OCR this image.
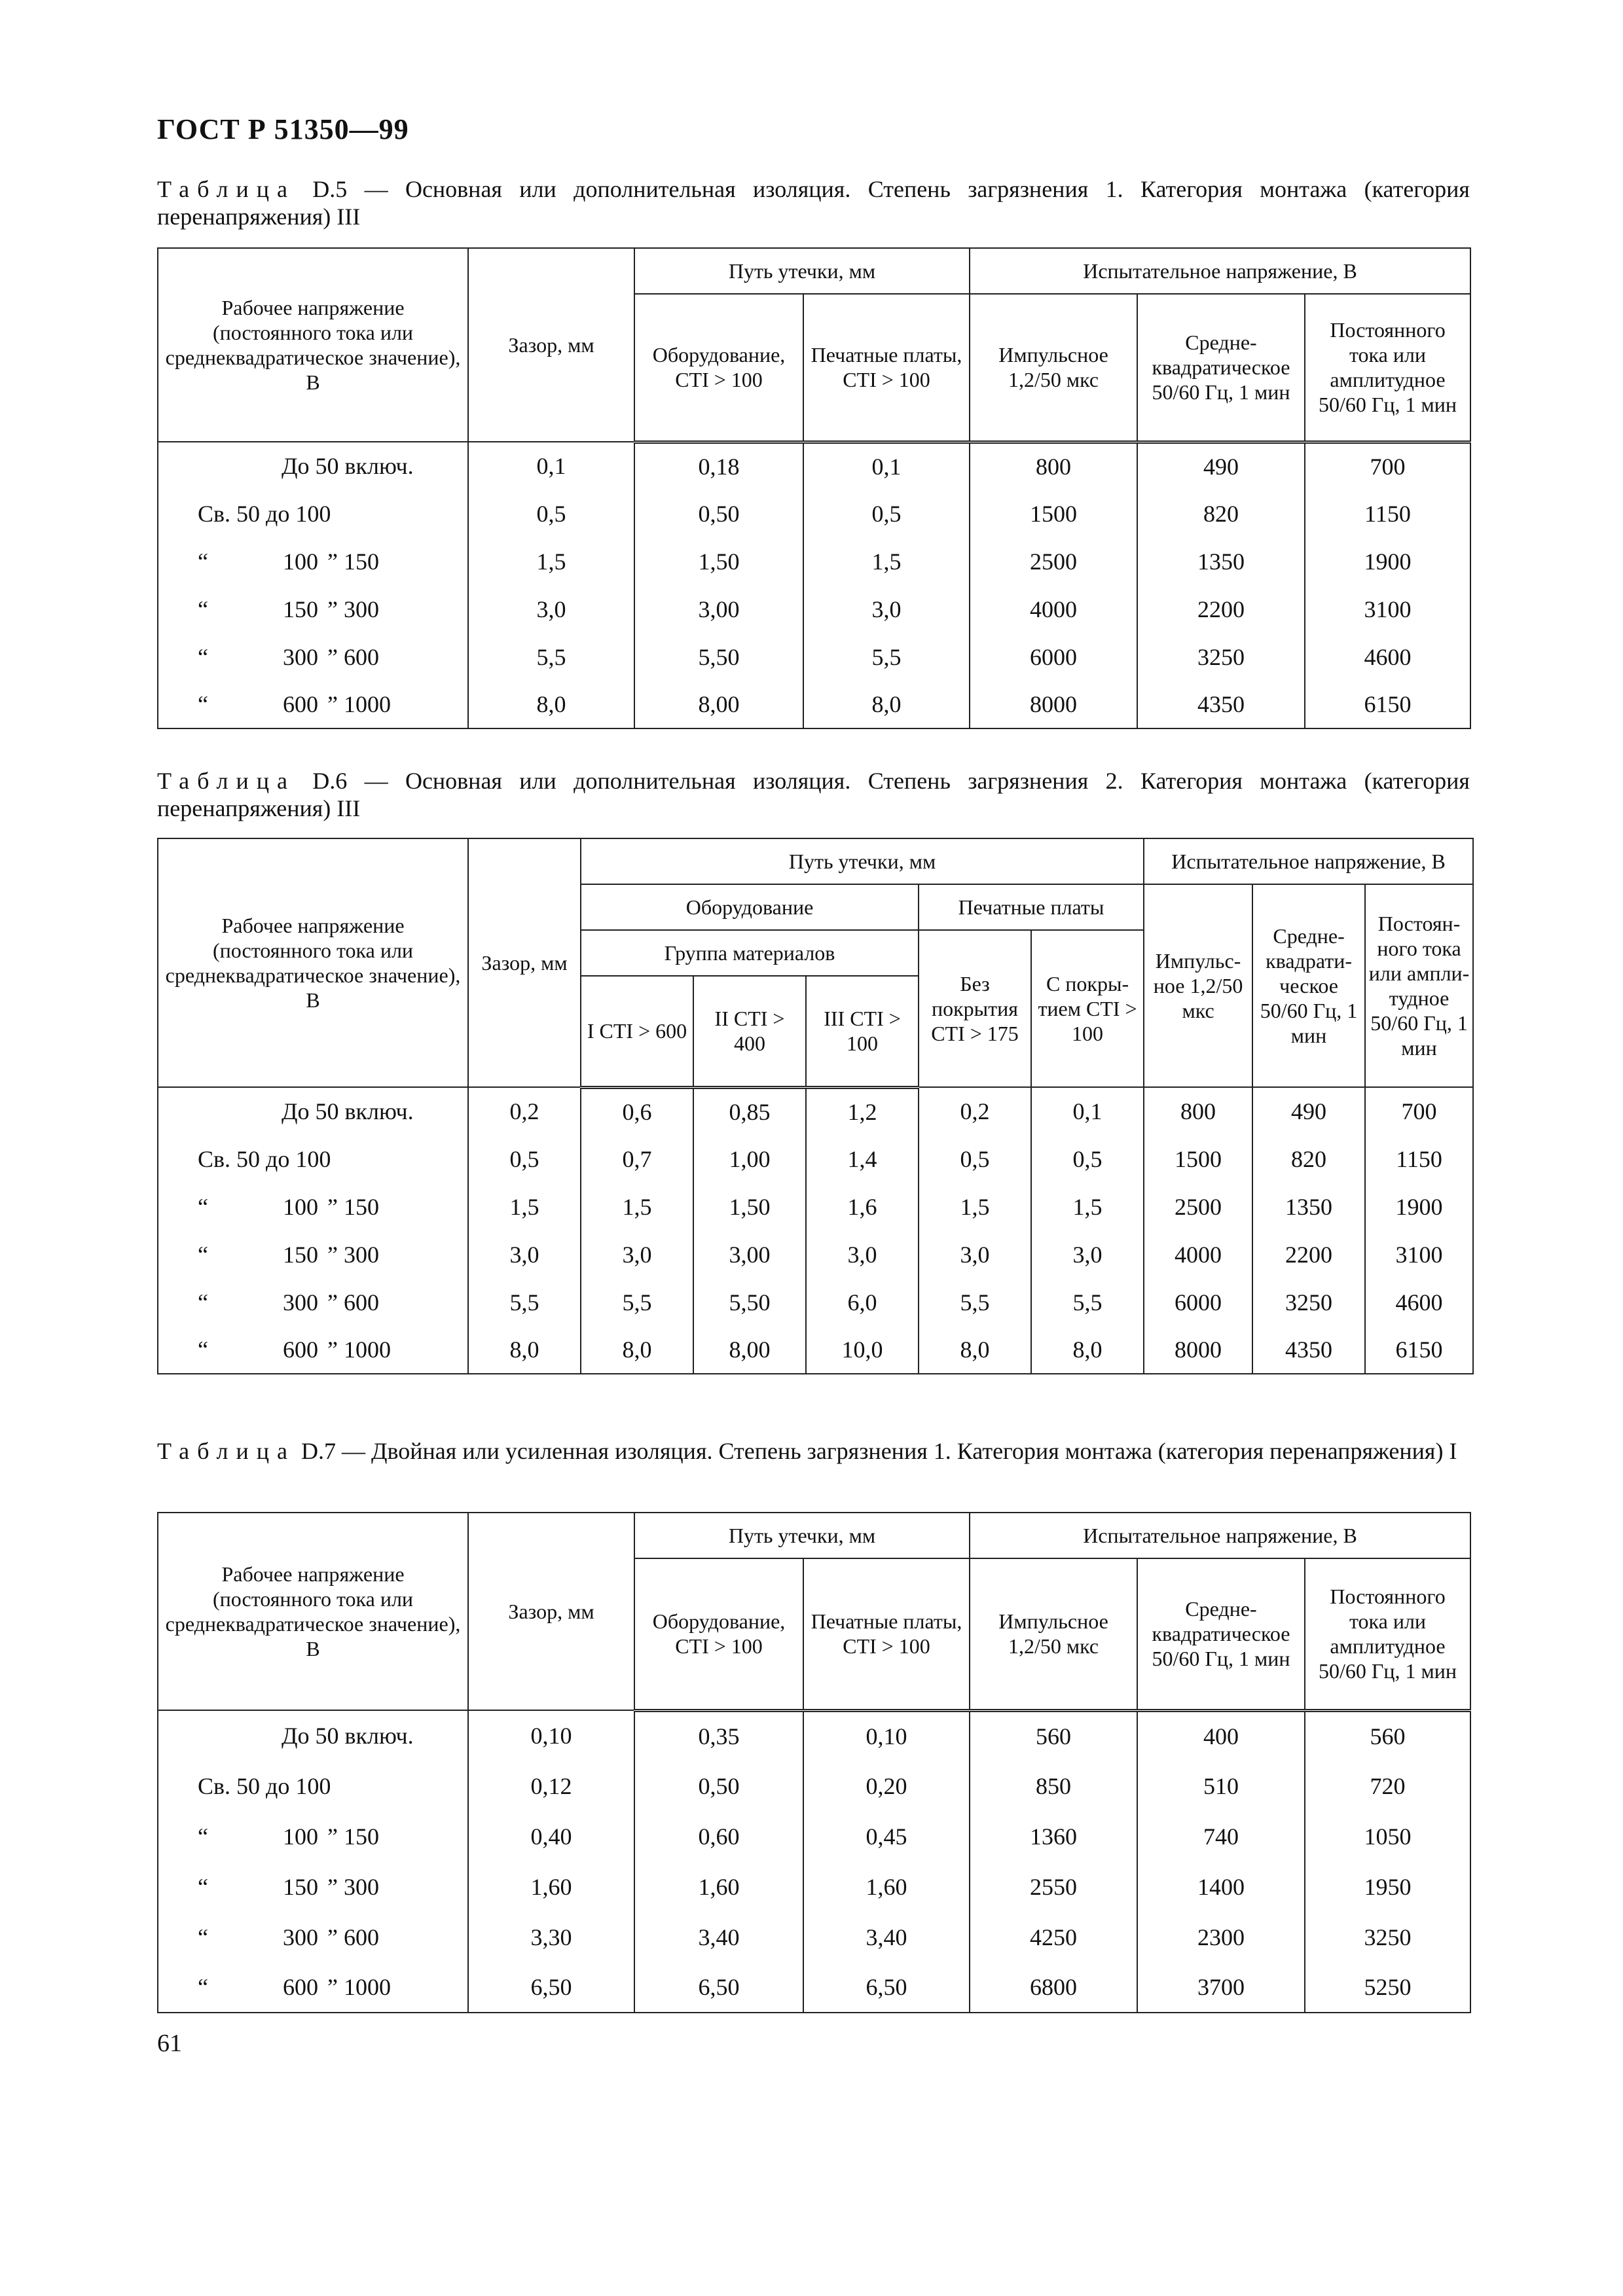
ГОСТ Р 51350—99
Таблица D.5 — Основная или дополнительная изоляция. Степень загрязнения 1. Категория монтажа (категория перенапряжения) III
Рабочее напряжение (постоянного тока или среднеквадратическое значение), В	Зазор, мм	Путь утечки, мм		Испытательное напряжение, В		
		Оборудование, CTI > 100	Печатные платы, CTI > 100	Импульсное 1,2/50 мкс	Средне-квадратическое 50/60 Гц, 1 мин	Постоянного тока или амплитудное 50/60 Гц, 1 мин
До 50 включ.	0,1	0,18	0,1	800	490	700
Св. 50 до 100	0,5	0,50	0,5	1500	820	1150
“ 100 ” 150	1,5	1,50	1,5	2500	1350	1900
“ 150 ” 300	3,0	3,00	3,0	4000	2200	3100
“ 300 ” 600	5,5	5,50	5,5	6000	3250	4600
“ 600 ” 1000	8,0	8,00	8,0	8000	4350	6150
Таблица D.6 — Основная или дополнительная изоляция. Степень загрязнения 2. Категория монтажа (категория перенапряжения) III
Рабочее напряжение (постоянного тока или среднеквадратическое значение), В	Зазор, мм	Путь утечки, мм					Испытательное напряжение, В		
		Оборудование			Печатные платы		Импульс-ное 1,2/50 мкс	Средне-квадрати-ческое 50/60 Гц, 1 мин	Постоян-ного тока или ампли-тудное 50/60 Гц, 1 мин
		Группа материалов			Без покрытия CTI > 175	С покры-тием CTI > 100			
		I CTI > 600	II CTI > 400	III CTI > 100					
До 50 включ.	0,2	0,6	0,85	1,2	0,2	0,1	800	490	700
Св. 50 до 100	0,5	0,7	1,00	1,4	0,5	0,5	1500	820	1150
“ 100 ” 150	1,5	1,5	1,50	1,6	1,5	1,5	2500	1350	1900
“ 150 ” 300	3,0	3,0	3,00	3,0	3,0	3,0	4000	2200	3100
“ 300 ” 600	5,5	5,5	5,50	6,0	5,5	5,5	6000	3250	4600
“ 600 ” 1000	8,0	8,0	8,00	10,0	8,0	8,0	8000	4350	6150
Таблица D.7 — Двойная или усиленная изоляция. Степень загрязнения 1. Категория монтажа (категория перенапряжения) I
Рабочее напряжение (постоянного тока или среднеквадратическое значение), В	Зазор, мм	Путь утечки, мм		Испытательное напряжение, В		
		Оборудование, CTI > 100	Печатные платы, CTI > 100	Импульсное 1,2/50 мкс	Средне-квадратическое 50/60 Гц, 1 мин	Постоянного тока или амплитудное 50/60 Гц, 1 мин
До 50 включ.	0,10	0,35	0,10	560	400	560
Св. 50 до 100	0,12	0,50	0,20	850	510	720
“ 100 ” 150	0,40	0,60	0,45	1360	740	1050
“ 150 ” 300	1,60	1,60	1,60	2550	1400	1950
“ 300 ” 600	3,30	3,40	3,40	4250	2300	3250
“ 600 ” 1000	6,50	6,50	6,50	6800	3700	5250
61
